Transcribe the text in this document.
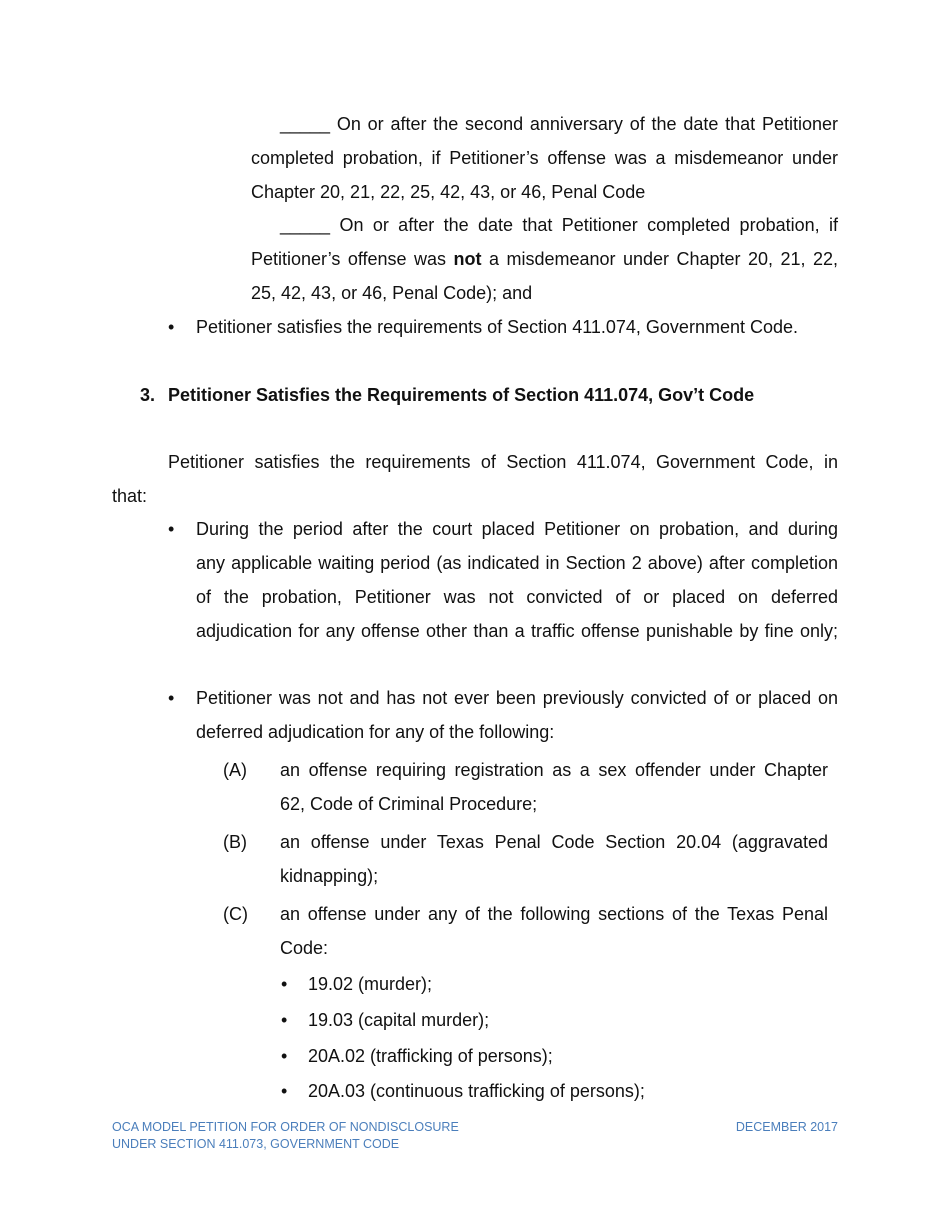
_____ On or after the second anniversary of the date that Petitioner
completed probation, if Petitioner’s offense was a misdemeanor under
Chapter 20, 21, 22, 25, 42, 43, or 46, Penal Code
_____ On or after the date that Petitioner completed probation, if
Petitioner’s offense was not a misdemeanor under Chapter 20, 21, 22,
25, 42, 43, or 46, Penal Code); and
• Petitioner satisfies the requirements of Section 411.074, Government Code.
3. Petitioner Satisfies the Requirements of Section 411.074, Gov’t Code
Petitioner satisfies the requirements of Section 411.074, Government Code, in
that:
• During the period after the court placed Petitioner on probation, and during
any applicable waiting period (as indicated in Section 2 above) after completion
of the probation, Petitioner was not convicted of or placed on deferred
adjudication for any offense other than a traffic offense punishable by fine only;
• Petitioner was not and has not ever been previously convicted of or placed on
deferred adjudication for any of the following:
(A) an offense requiring registration as a sex offender under Chapter
62, Code of Criminal Procedure;
(B) an offense under Texas Penal Code Section 20.04 (aggravated
kidnapping);
(C) an offense under any of the following sections of the Texas Penal
Code:
• 19.02 (murder);
• 19.03 (capital murder);
• 20A.02 (trafficking of persons);
• 20A.03 (continuous trafficking of persons);
OCA MODEL PETITION FOR ORDER OF NONDISCLOSURE
UNDER SECTION 411.073, GOVERNMENT CODE
DECEMBER 2017
